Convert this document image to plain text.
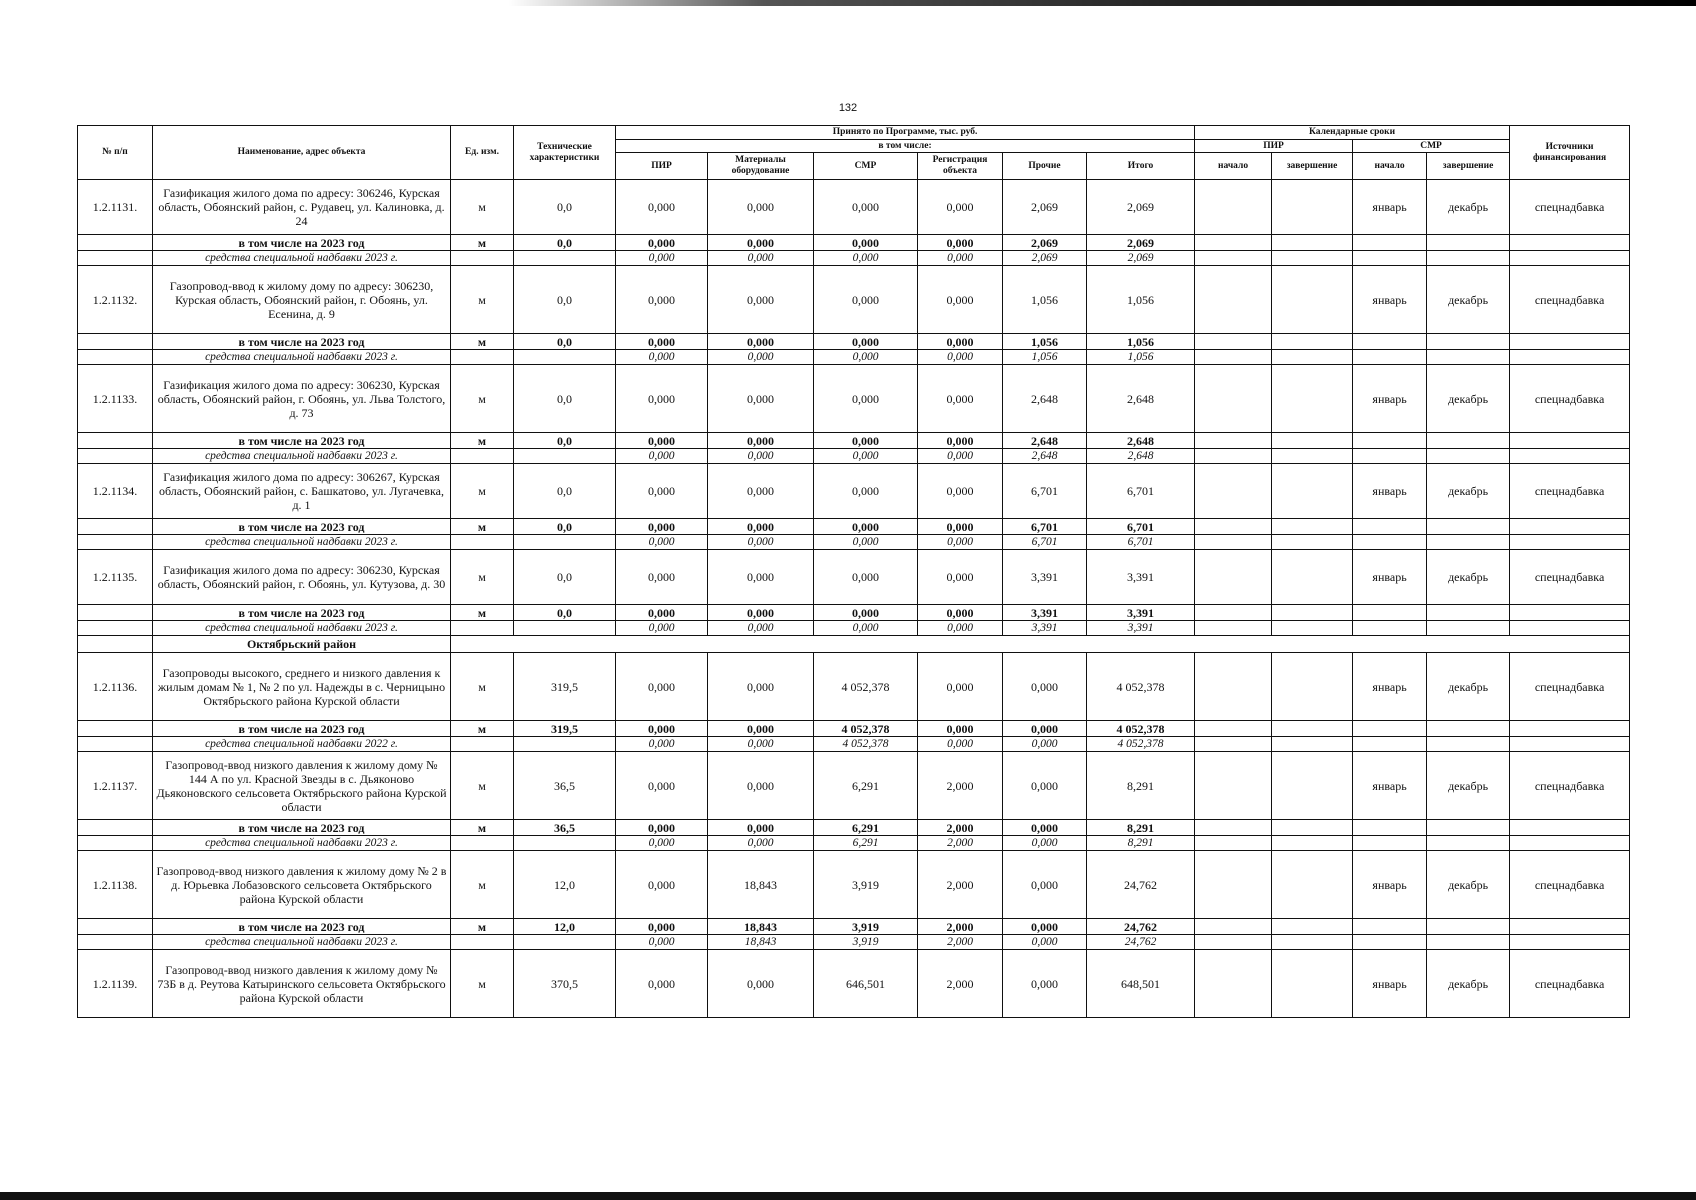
132
№ п/п	Наименование, адрес объекта	Ед. изм.	Технические характеристики	Принято по Программе, тыс. руб.						Календарные сроки				Источники финансирования
				в том числе:						ПИР		СМР		
				ПИР	Материалы оборудование	СМР	Регистрация объекта	Прочие	Итого					
										начало	завершение	начало	завершение	
1.2.1131.	Газификация жилого дома по адресу: 306246, Курская область, Обоянский район, с. Рудавец, ул. Калиновка, д. 24	м	0,0	0,000	0,000	0,000	0,000	2,069	2,069			январь	декабрь	спецнадбавка
	в том числе на 2023 год	м	0,0	0,000	0,000	0,000	0,000	2,069	2,069					
	средства специальной надбавки 2023 г.			0,000	0,000	0,000	0,000	2,069	2,069					
1.2.1132.	Газопровод-ввод к жилому дому по адресу: 306230, Курская область, Обоянский район, г. Обоянь, ул. Есенина, д. 9	м	0,0	0,000	0,000	0,000	0,000	1,056	1,056			январь	декабрь	спецнадбавка
	в том числе на 2023 год	м	0,0	0,000	0,000	0,000	0,000	1,056	1,056					
	средства специальной надбавки 2023 г.			0,000	0,000	0,000	0,000	1,056	1,056					
1.2.1133.	Газификация жилого дома по адресу: 306230, Курская область, Обоянский район, г. Обоянь, ул. Льва Толстого, д. 73	м	0,0	0,000	0,000	0,000	0,000	2,648	2,648			январь	декабрь	спецнадбавка
	в том числе на 2023 год	м	0,0	0,000	0,000	0,000	0,000	2,648	2,648					
	средства специальной надбавки 2023 г.			0,000	0,000	0,000	0,000	2,648	2,648					
1.2.1134.	Газификация жилого дома по адресу: 306267, Курская область, Обоянский район, с. Башкатово, ул. Лугачевка, д. 1	м	0,0	0,000	0,000	0,000	0,000	6,701	6,701			январь	декабрь	спецнадбавка
	в том числе на 2023 год	м	0,0	0,000	0,000	0,000	0,000	6,701	6,701					
	средства специальной надбавки 2023 г.			0,000	0,000	0,000	0,000	6,701	6,701					
1.2.1135.	Газификация жилого дома по адресу: 306230, Курская область, Обоянский район, г. Обоянь, ул. Кутузова, д. 30	м	0,0	0,000	0,000	0,000	0,000	3,391	3,391			январь	декабрь	спецнадбавка
	в том числе на 2023 год	м	0,0	0,000	0,000	0,000	0,000	3,391	3,391					
	средства специальной надбавки 2023 г.			0,000	0,000	0,000	0,000	3,391	3,391					
	Октябрьский район													
1.2.1136.	Газопроводы высокого, среднего и низкого давления к жилым домам № 1, № 2 по ул. Надежды в с. Черницыно Октябрьского района Курской области	м	319,5	0,000	0,000	4 052,378	0,000	0,000	4 052,378			январь	декабрь	спецнадбавка
	в том числе на 2023 год	м	319,5	0,000	0,000	4 052,378	0,000	0,000	4 052,378					
	средства специальной надбавки 2022 г.			0,000	0,000	4 052,378	0,000	0,000	4 052,378					
1.2.1137.	Газопровод-ввод низкого давления к жилому дому № 144 А по ул. Красной Звезды в с. Дьяконово Дьяконовского сельсовета Октябрьского района Курской области	м	36,5	0,000	0,000	6,291	2,000	0,000	8,291			январь	декабрь	спецнадбавка
	в том числе на 2023 год	м	36,5	0,000	0,000	6,291	2,000	0,000	8,291					
	средства специальной надбавки 2023 г.			0,000	0,000	6,291	2,000	0,000	8,291					
1.2.1138.	Газопровод-ввод низкого давления к жилому дому № 2 в д. Юрьевка Лобазовского сельсовета Октябрьского района Курской области	м	12,0	0,000	18,843	3,919	2,000	0,000	24,762			январь	декабрь	спецнадбавка
	в том числе на 2023 год	м	12,0	0,000	18,843	3,919	2,000	0,000	24,762					
	средства специальной надбавки 2023 г.			0,000	18,843	3,919	2,000	0,000	24,762					
1.2.1139.	Газопровод-ввод низкого давления к жилому дому № 73Б в д. Реутова Катыринского сельсовета Октябрьского района Курской области	м	370,5	0,000	0,000	646,501	2,000	0,000	648,501			январь	декабрь	спецнадбавка
